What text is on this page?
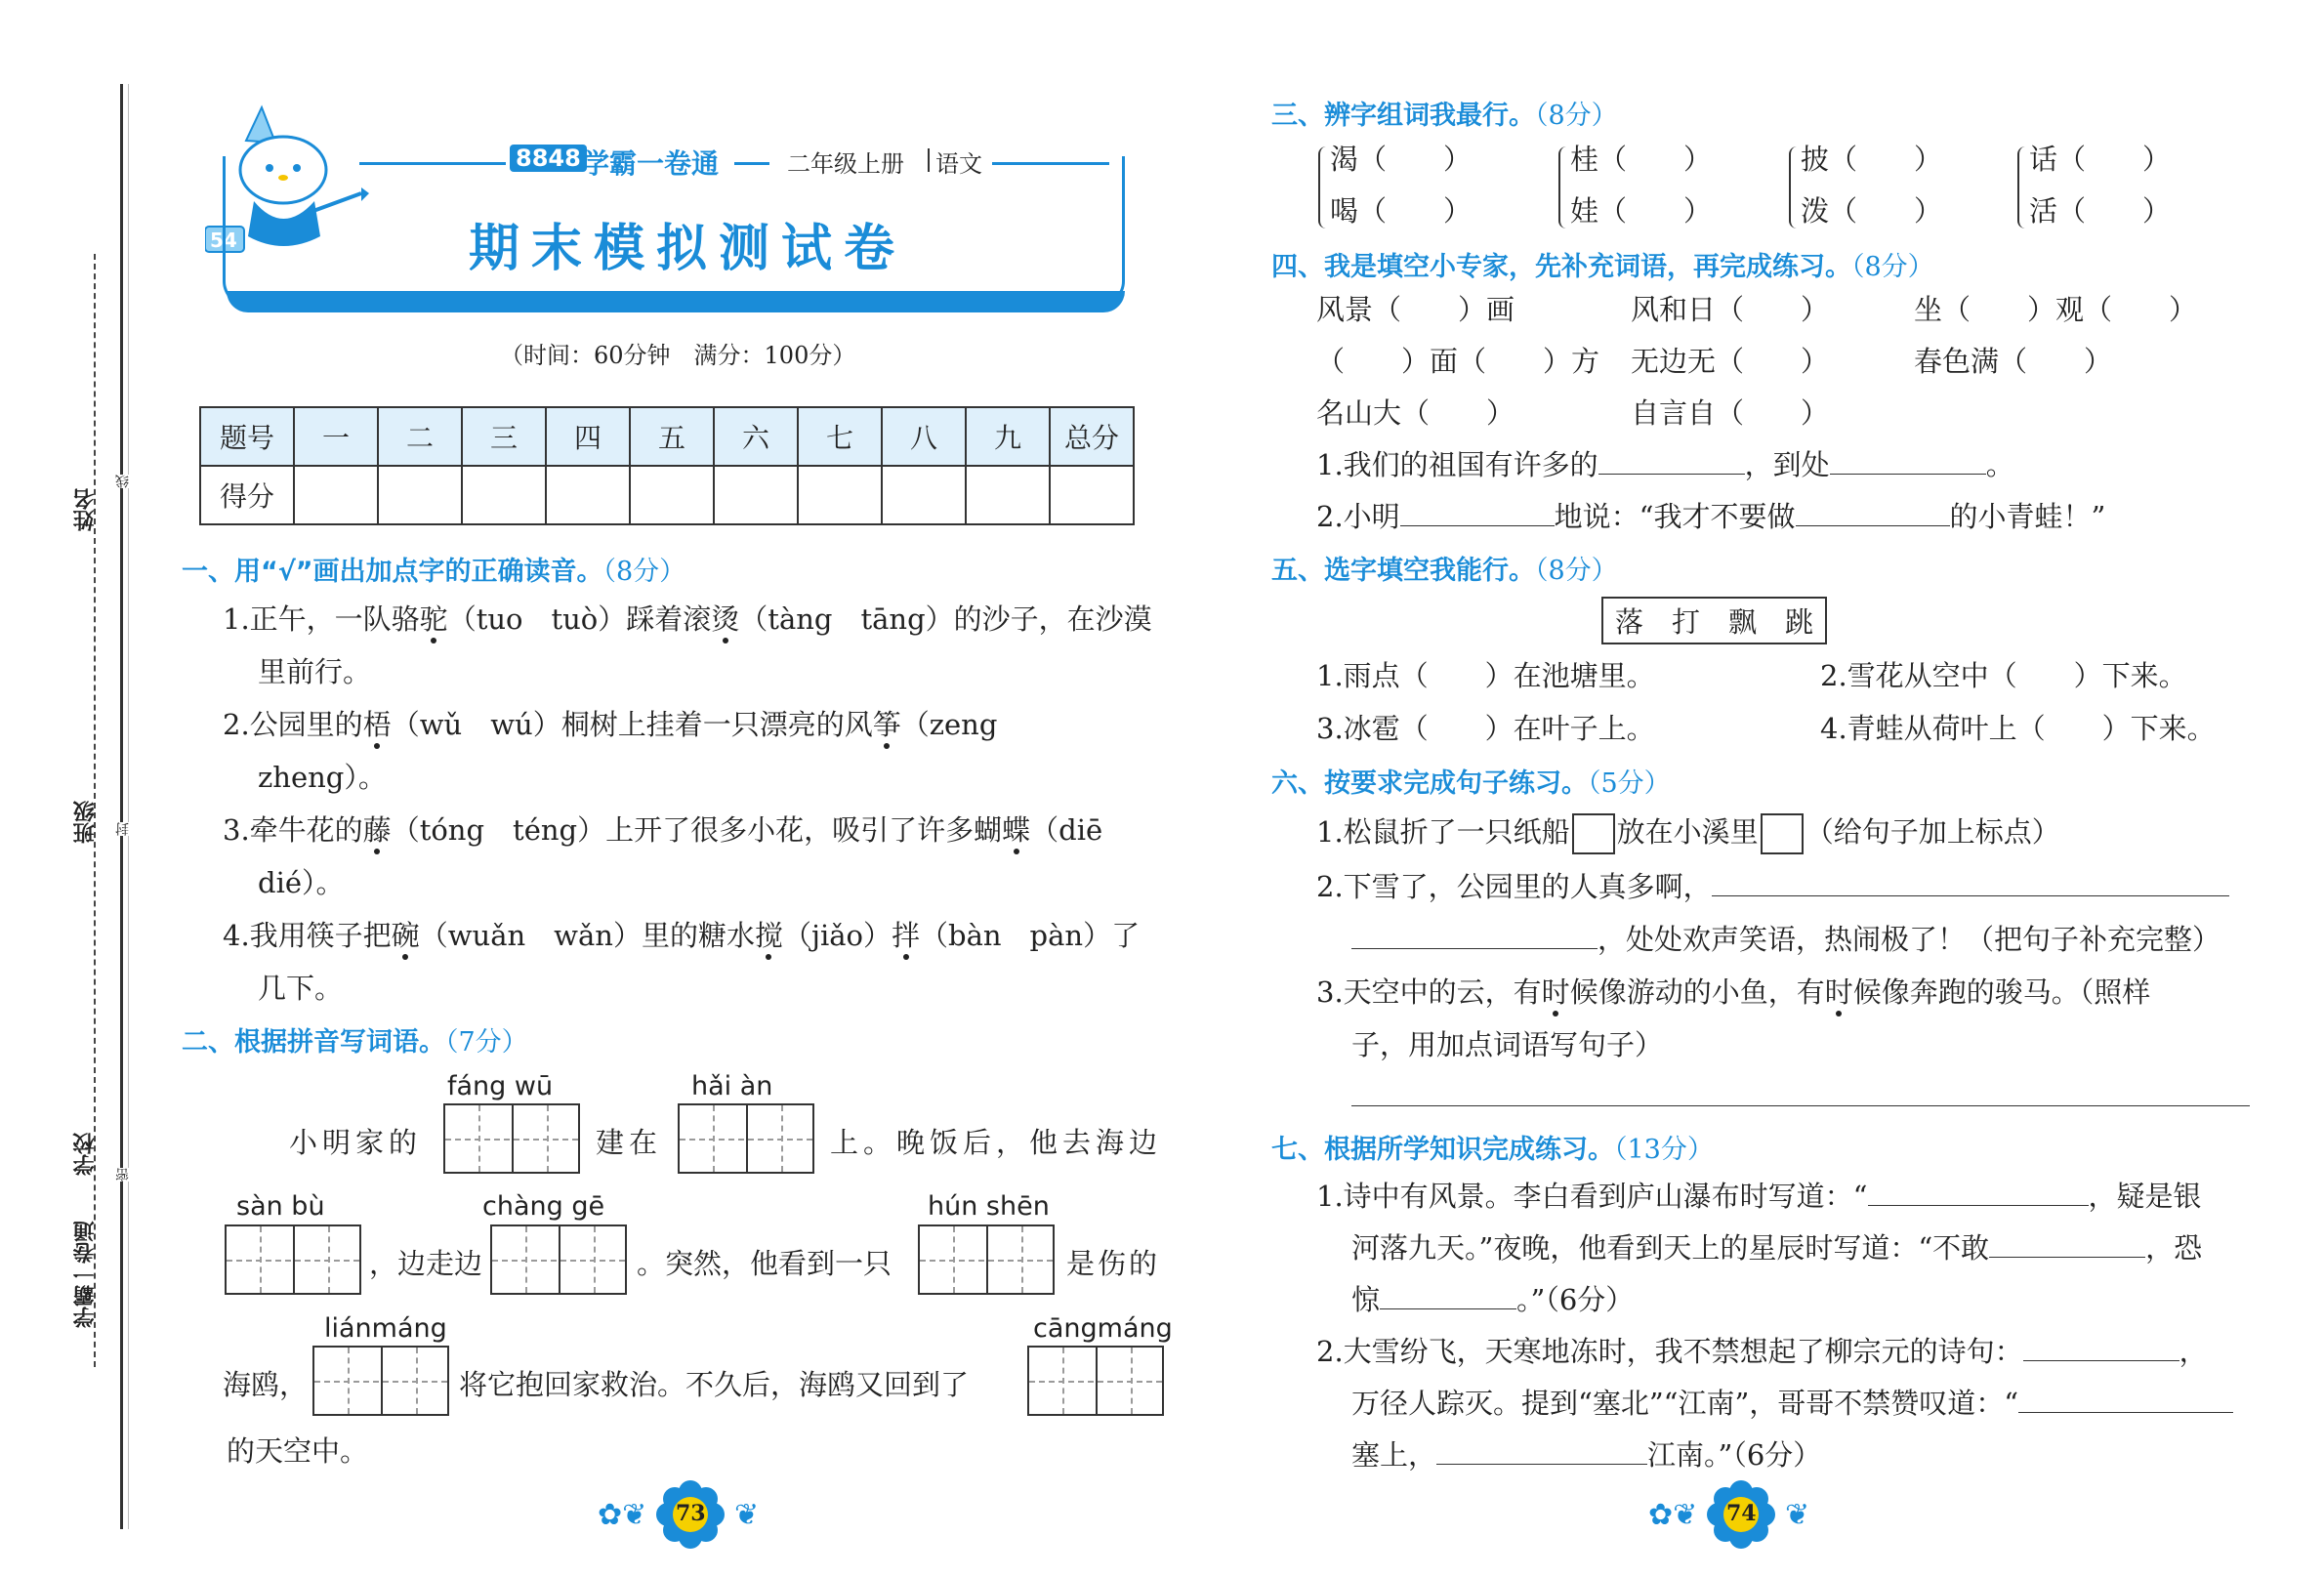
姓名
班级
学校
学霸一卷通
线
封
密
54
8848 学霸一卷通	二年级上册 语文
期末模拟测试卷
（时间：60分钟　满分：100分）
题号	一	二	三	四	五	六	七	八	九	总分
得分										
一、用“√”画出加点字的正确读音。（8分）
1.正午，一队骆驼（tuo　tuò）踩着滚烫（tàng　tāng）的沙子，在沙漠
里前行。
2.公园里的梧（wǔ　wú）桐树上挂着一只漂亮的风筝（zeng
zheng）。
3.牵牛花的藤（tóng　téng）上开了很多小花，吸引了许多蝴蝶（diē
dié）。
4.我用筷子把碗（wuǎn　wǎn）里的糖水搅（jiǎo）拌（bàn　pàn）了
几下。
二、根据拼音写词语。（7分）
fáng wū	hǎi àn
小明家的	建在	上。晚饭后，他去海边
sàn bù	chàng gē	hún shēn
，边走边	。突然，他看到一只	是伤的
liánmáng	cāngmáng
海鸥，	将它抱回家救治。不久后，海鸥又回到了
的天空中。
73
✿❦	❦
三、辨字组词我最行。（8分）
渴（　　）
喝（　　）
桂（　　）
娃（　　）
披（　　）
泼（　　）
话（　　）
活（　　）
四、我是填空小专家，先补充词语，再完成练习。（8分）
风景（　　）画	风和日（　　）	坐（　　）观（　　）
（　　）面（　　）方 无边无（　　）	春色满（　　）
名山大（　　）	自言自（　　）
1.我们的祖国有许多的	，到处	。
2.小明	地说：“我才不要做	的小青蛙！”
五、选字填空我能行。（8分）
落　打　飘　跳
1.雨点（　　）在池塘里。	2.雪花从空中（　　）下来。
3.冰雹（　　）在叶子上。	4.青蛙从荷叶上（　　）下来。
六、按要求完成句子练习。（5分）
1.松鼠折了一只纸船 放在小溪里 （给句子加上标点）
2.下雪了，公园里的人真多啊，
，处处欢声笑语，热闹极了！（把句子补充完整）
3.天空中的云，有时候像游动的小鱼，有时候像奔跑的骏马。（照样
子，用加点词语写句子）
七、根据所学知识完成练习。（13分）
1.诗中有风景。李白看到庐山瀑布时写道：“	，疑是银
河落九天。”夜晚，他看到天上的星辰时写道：“不敢	，恐
惊	。”（6分）
2.大雪纷飞，天寒地冻时，我不禁想起了柳宗元的诗句：	，
万径人踪灭。提到“塞北”“江南”，哥哥不禁赞叹道：“
塞上，	江南。”（6分）
74
✿❦	❦
